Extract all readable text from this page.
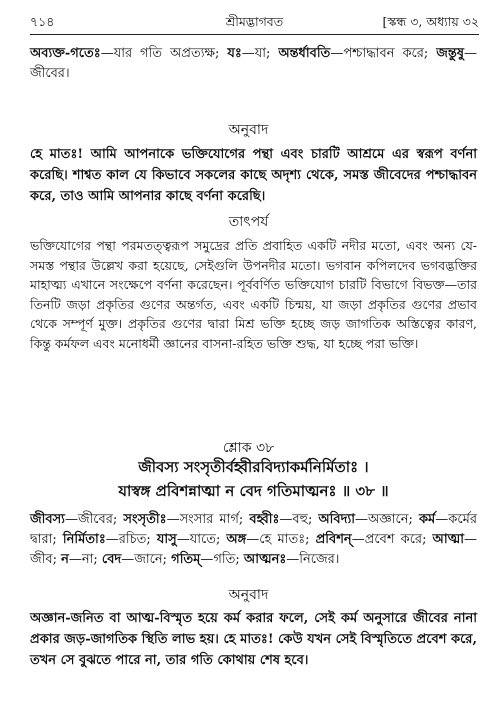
৭১৪	শ্রীমদ্ভাগবত	[স্কন্ধ ৩, অধ্যায় ৩২
অব্যক্ত-গতেঃ—যার গতি অপ্রত্যক্ষ; যঃ—যা; অন্তর্ধাবতি—পশ্চাদ্ধাবন করে; জন্তুষু—জীবের।
অনুবাদ
হে মাতঃ! আমি আপনাকে ভক্তিযোগের পন্থা এবং চারটি আশ্রমে এর স্বরূপ বর্ণনা করেছি। শাশ্বত কাল যে কিভাবে সকলের কাছে অদৃশ্য থেকে, সমস্ত জীবেদের পশ্চাদ্ধাবন করে, তাও আমি আপনার কাছে বর্ণনা করেছি।
তাৎপর্য
ভক্তিযোগের পন্থা পরমতত্ত্বরূপ সমুদ্রের প্রতি প্রবাহিত একটি নদীর মতো, এবং অন্য যে-সমস্ত পন্থার উল্লেখ করা হয়েছে, সেইগুলি উপনদীর মতো। ভগবান কপিলদেব ভগবদ্ভক্তির মাহাত্ম্য এখানে সংক্ষেপে বর্ণনা করেছেন। পূর্ববর্ণিত ভক্তিযোগ চারটি বিভাগে বিভক্ত—তার তিনটি জড়া প্রকৃতির গুণের অন্তর্গত, এবং একটি চিন্ময়, যা জড়া প্রকৃতির গুণের প্রভাব থেকে সম্পূর্ণ মুক্ত। প্রকৃতির গুণের দ্বারা মিশ্র ভক্তি হচ্ছে জড় জাগতিক অস্তিত্বের কারণ, কিন্তু কর্মফল এবং মনোধর্মী জ্ঞানের বাসনা-রহিত ভক্তি শুদ্ধ, যা হচ্ছে পরা ভক্তি।
শ্লোক ৩৮
জীবস্য সংসৃতীর্বহ্বীরবিদ্যাকর্মনির্মিতাঃ ।
যাস্বঙ্গ প্রবিশন্নাত্মা ন বেদ গতিমাত্মনঃ ॥ ৩৮ ॥
জীবস্য—জীবের; সংসৃতীঃ—সংসার মার্গ; বহ্বীঃ—বহু; অবিদ্যা—অজ্ঞানে; কর্ম—কর্মের দ্বারা; নির্মিতাঃ—রচিত; যাসু—যাতে; অঙ্গ—হে মাতঃ; প্রবিশন্—প্রবেশ করে; আত্মা—জীব; ন—না; বেদ—জানে; গতিম্—গতি; আত্মনঃ—নিজের।
অনুবাদ
অজ্ঞান-জনিত বা আত্ম-বিস্মৃত হয়ে কর্ম করার ফলে, সেই কর্ম অনুসারে জীবের নানা প্রকার জড়-জাগতিক স্থিতি লাভ হয়। হে মাতঃ! কেউ যখন সেই বিস্মৃতিতে প্রবেশ করে, তখন সে বুঝতে পারে না, তার গতি কোথায় শেষ হবে।
